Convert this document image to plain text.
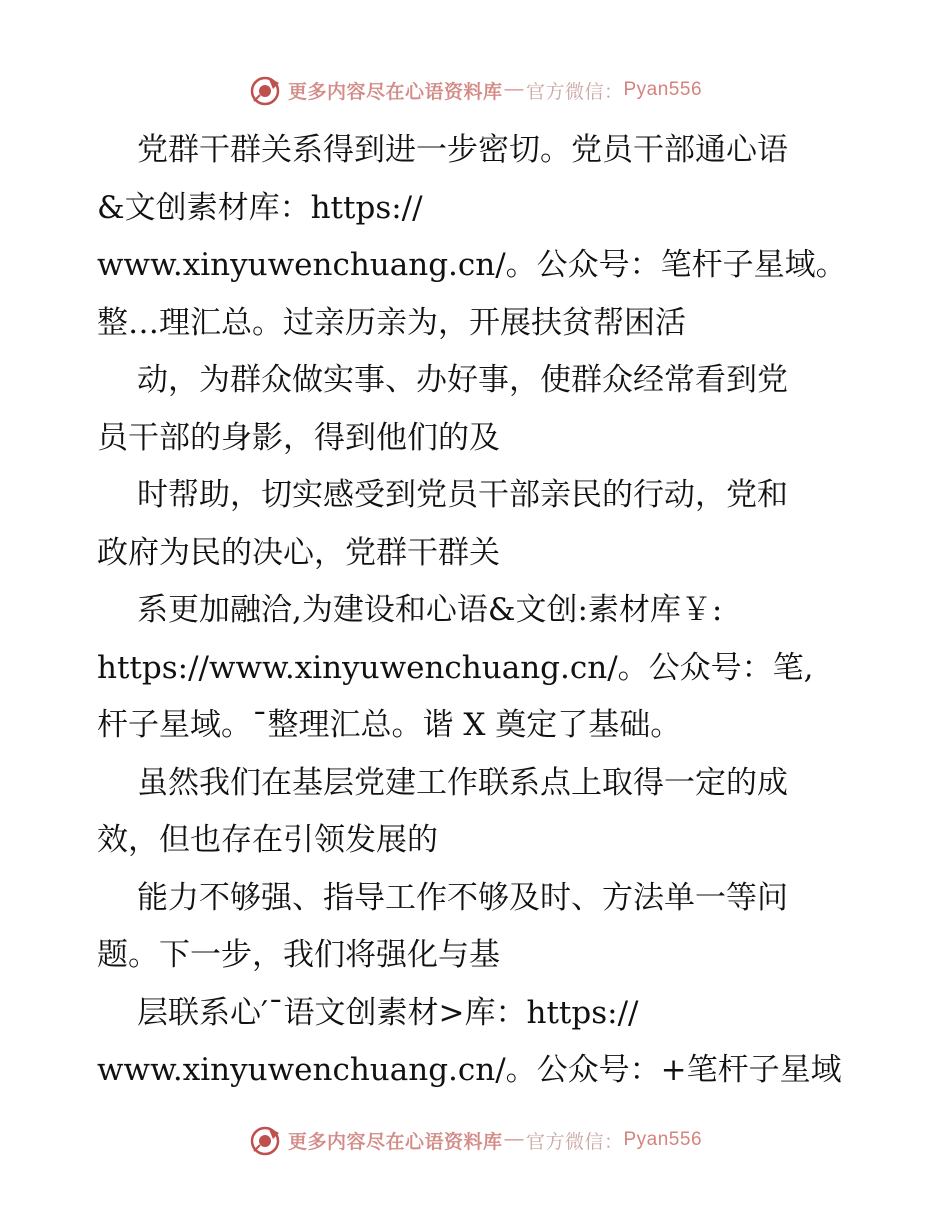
更多内容尽在心语资料库 — 官方微信： Pyan556
党群干群关系得到进一步密切。党员干部通心语
&文创素材库：https://
www.xinyuwenchuang.cn/。公众号：笔杆子星域。
整…理汇总。过亲历亲为，开展扶贫帮困活
动，为群众做实事、办好事，使群众经常看到党
员干部的身影，得到他们的及
时帮助，切实感受到党员干部亲民的行动，党和
政府为民的决心，党群干群关
系更加融洽,为建设和心语&文创:素材库￥:
https://www.xinyuwenchuang.cn/。公众号：笔,
杆子星域。¯整理汇总。谐 X 奠定了基础。
虽然我们在基层党建工作联系点上取得一定的成
效，但也存在引领发展的
能力不够强、指导工作不够及时、方法单一等问
题。下一步，我们将强化与基
层联系心′¯语文创素材>库：https://
www.xinyuwenchuang.cn/。公众号：+笔杆子星域
更多内容尽在心语资料库 — 官方微信： Pyan556
